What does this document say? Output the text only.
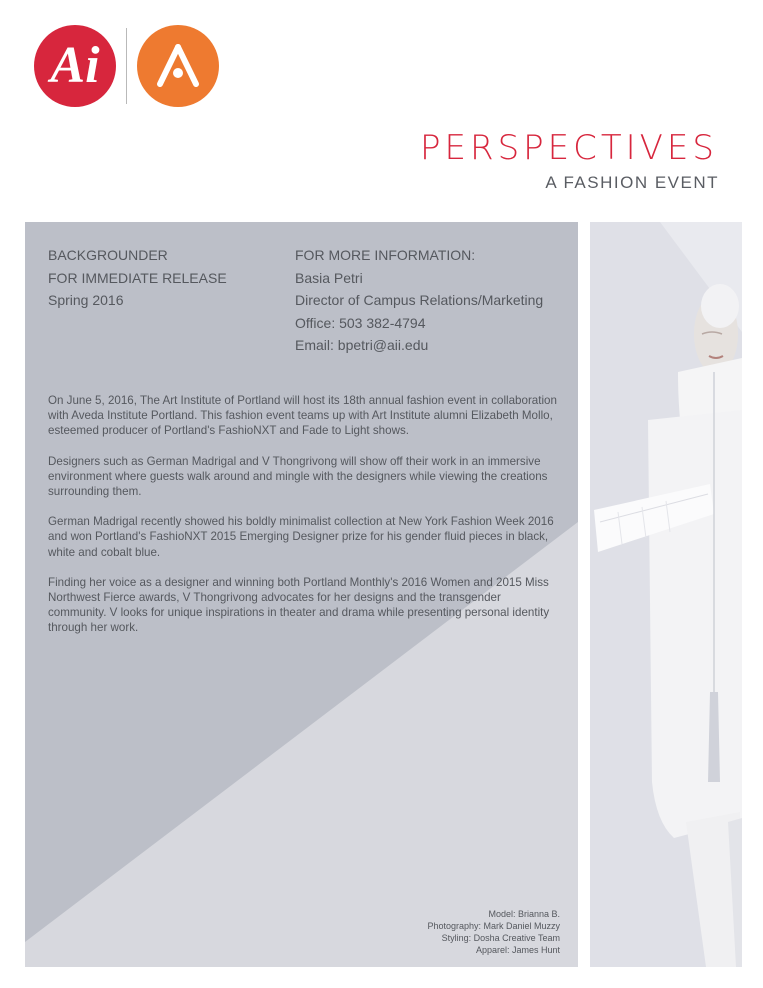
Ai
PERSPECTIVES
A FASHION EVENT
BACKGROUNDER
FOR IMMEDIATE RELEASE
Spring 2016
FOR MORE INFORMATION:
Basia Petri
Director of Campus Relations/Marketing
Office: 503 382-4794
Email: bpetri@aii.edu

On June 5, 2016, The Art Institute of Portland will host its 18th annual fashion event in collaboration with Aveda Institute Portland. This fashion event teams up with Art Institute alumni Elizabeth Mollo, esteemed producer of Portland's FashioNXT and Fade to Light shows.

Designers such as German Madrigal and V Thongrivong will show off their work in an immersive environment where guests walk around and mingle with the designers while viewing the creations surrounding them.

German Madrigal recently showed his boldly minimalist collection at New York Fashion Week 2016 and won Portland's FashioNXT 2015 Emerging Designer prize for his gender fluid pieces in black, white and cobalt blue.

Finding her voice as a designer and winning both Portland Monthly's 2016 Women and 2015 Miss Northwest Fierce awards, V Thongrivong advocates for her designs and the transgender community. V looks for unique inspirations in theater and drama while presenting personal identity through her work.

Model: Brianna B.
Photography: Mark Daniel Muzzy
Styling: Dosha Creative Team
Apparel: James Hunt
